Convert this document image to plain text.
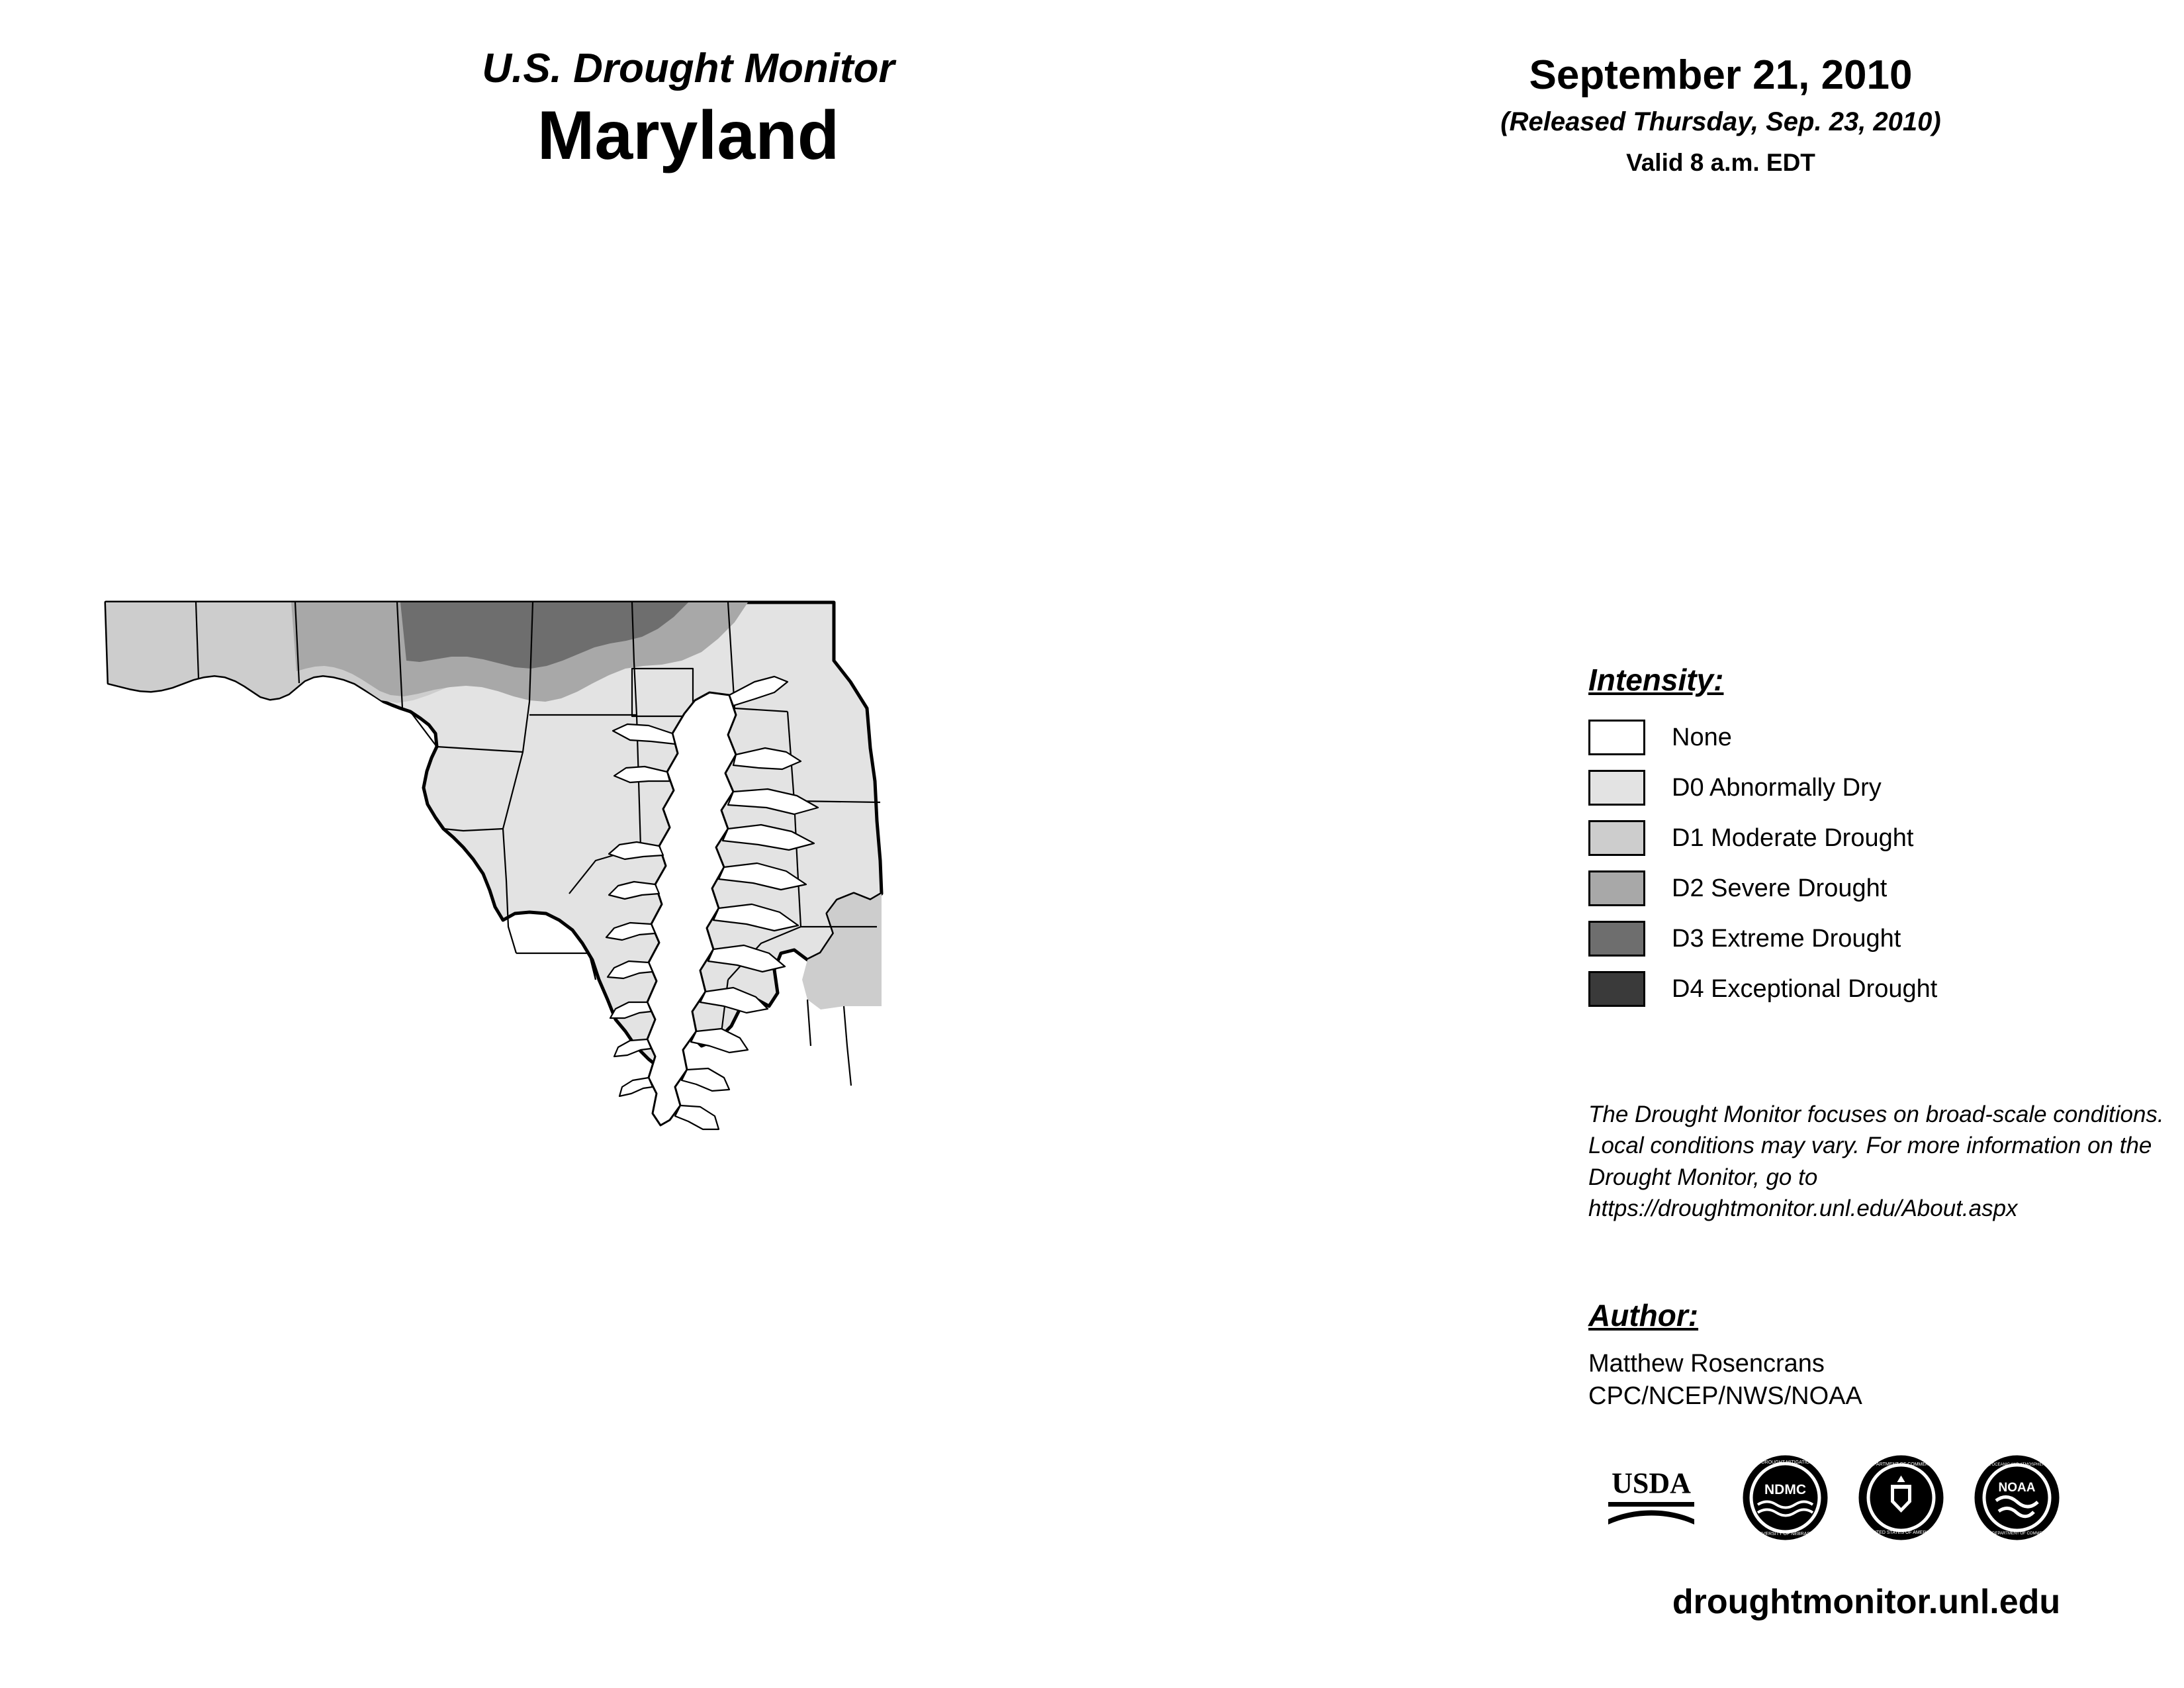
U.S. Drought Monitor
Maryland
September 21, 2010
(Released Thursday, Sep. 23, 2010)
Valid 8 a.m. EDT
Intensity:
None
D0 Abnormally Dry
D1 Moderate Drought
D2 Severe Drought
D3 Extreme Drought
D4 Exceptional Drought
The Drought Monitor focuses on broad-scale conditions. Local conditions may vary. For more information on the Drought Monitor, go to https://droughtmonitor.unl.edu/About.aspx
Author:
Matthew Rosencrans
CPC/NCEP/NWS/NOAA
USDA	NDMC
NATIONAL DROUGHT MITIGATION CENTER
UNIVERSITY OF NEBRASKA
DEPARTMENT OF COMMERCE
UNITED STATES OF AMERICA
NOAA
NATIONAL OCEANIC AND ATMOSPHERIC ADMIN
U.S. DEPARTMENT OF COMMERCE
droughtmonitor.unl.edu
